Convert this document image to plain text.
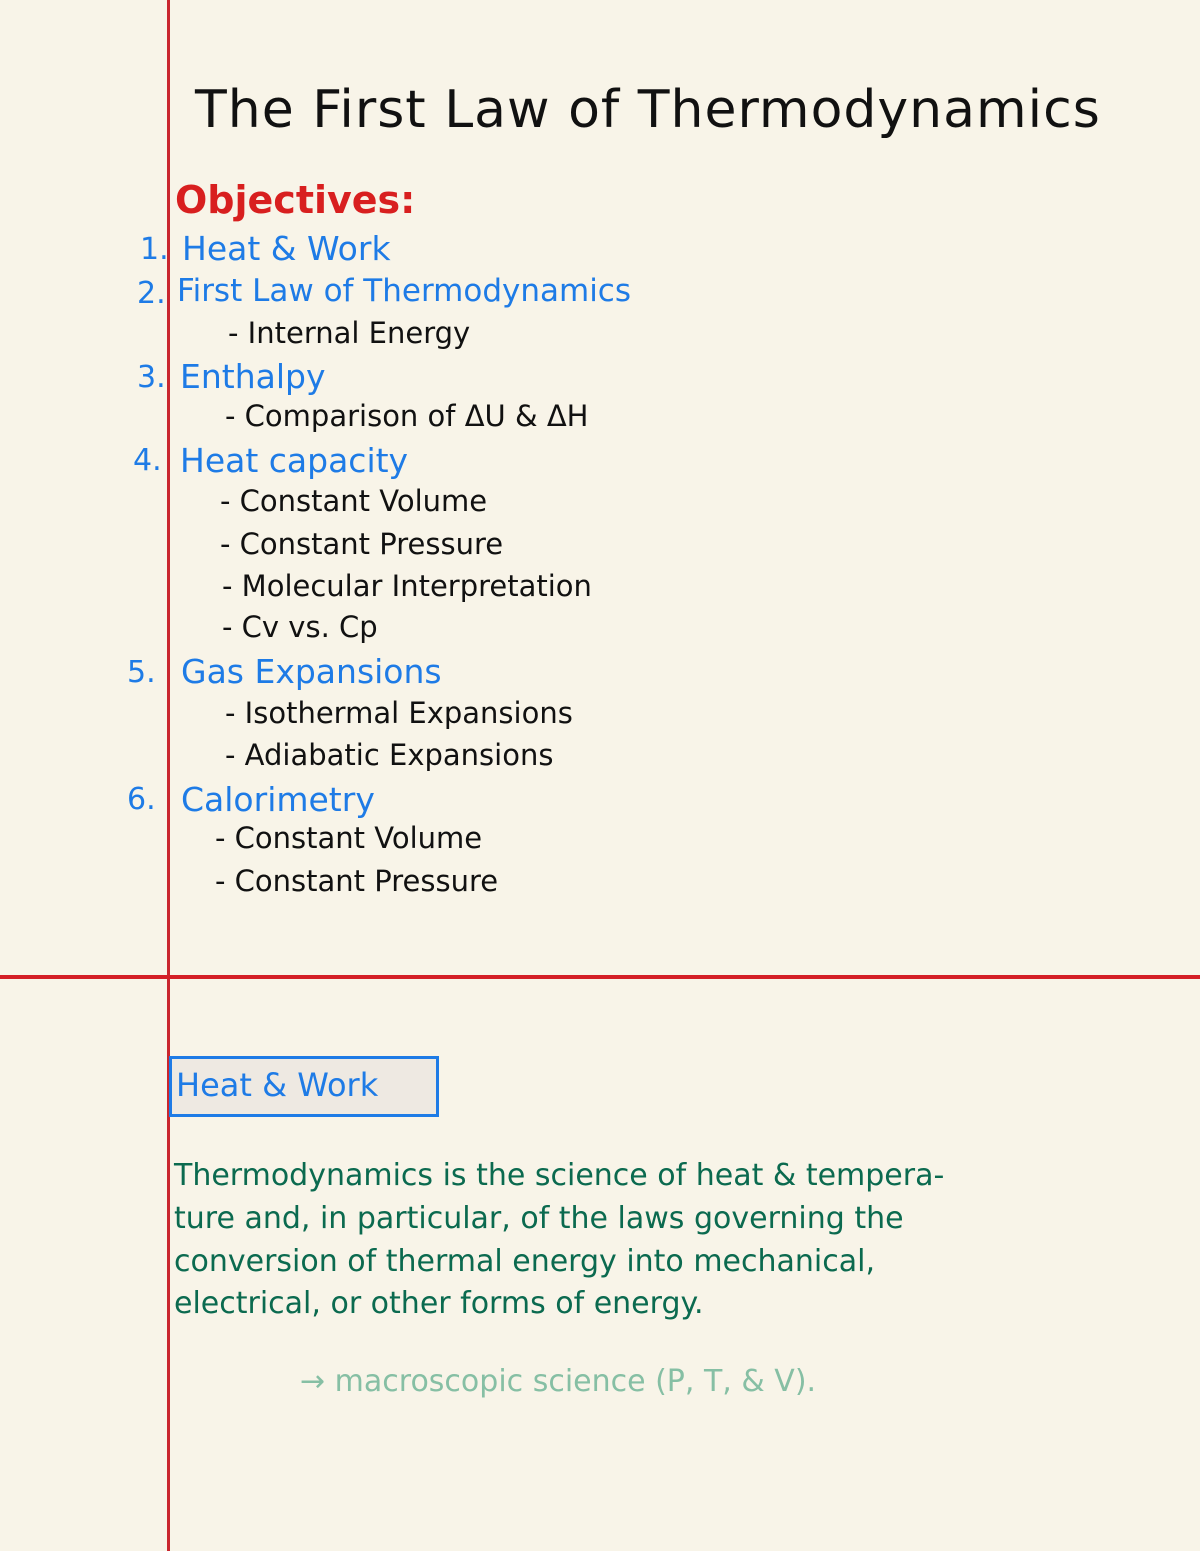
The First Law of Thermodynamics
Objectives:
1. Heat & Work
2. First Law of Thermodynamics
- Internal Energy
3. Enthalpy
- Comparison of ΔU & ΔH
4. Heat capacity
- Constant Volume
- Constant Pressure
- Molecular Interpretation
- Cv vs. Cp
5. Gas Expansions
- Isothermal Expansions
- Adiabatic Expansions
6. Calorimetry
- Constant Volume
- Constant Pressure
Heat & Work
Thermodynamics is the science of heat & tempera-
ture and, in particular, of the laws governing the
conversion of thermal energy into mechanical,
electrical, or other forms of energy.
→ macroscopic science (P, T, & V).
